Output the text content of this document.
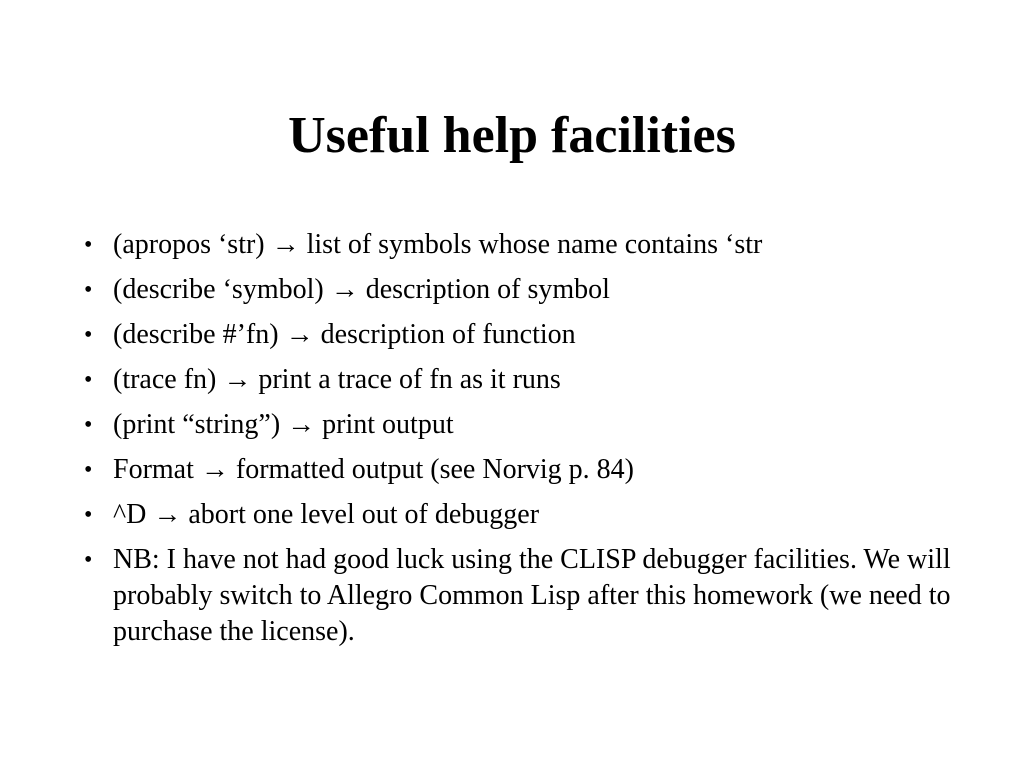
Useful help facilities
• (apropos ‘str) → list of symbols whose name contains ‘str
• (describe ‘symbol) → description of symbol
• (describe #’fn) → description of function
• (trace fn) → print a trace of fn as it runs
• (print “string”) → print output
• Format → formatted output (see Norvig p. 84)
• ^D → abort one level out of debugger
• NB: I have not had good luck using the CLISP debugger facilities. We will probably switch to Allegro Common Lisp after this homework (we need to purchase the license).
